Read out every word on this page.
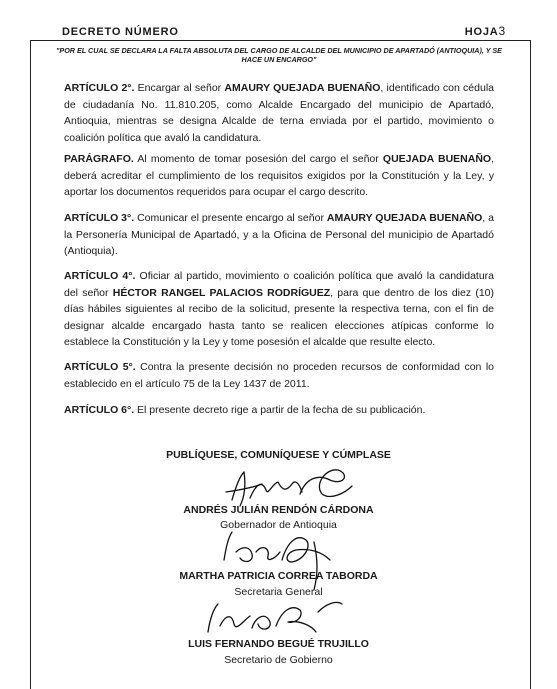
DECRETO NÚMERO	HOJA3
"POR EL CUAL SE DECLARA LA FALTA ABSOLUTA DEL CARGO DE ALCALDE DEL MUNICIPIO DE APARTADÓ (ANTIOQUIA), Y SE HACE UN ENCARGO"
ARTÍCULO 2°. Encargar al señor AMAURY QUEJADA BUENAÑO, identificado con cédula de ciudadanía No. 11.810.205, como Alcalde Encargado del municipio de Apartadó, Antioquia, mientras se designa Alcalde de terna enviada por el partido, movimiento o coalición política que avaló la candidatura.
PARÁGRAFO. Al momento de tomar posesión del cargo el señor QUEJADA BUENAÑO, deberá acreditar el cumplimiento de los requisitos exigidos por la Constitución y la Ley, y aportar los documentos requeridos para ocupar el cargo descrito.
ARTÍCULO 3°. Comunicar el presente encargo al señor AMAURY QUEJADA BUENAÑO, a la Personería Municipal de Apartadó, y a la Oficina de Personal del municipio de Apartadó (Antioquia).
ARTÍCULO 4°. Oficiar al partido, movimiento o coalición política que avaló la candidatura del señor HÉCTOR RANGEL PALACIOS RODRÍGUEZ, para que dentro de los diez (10) días hábiles siguientes al recibo de la solicitud, presente la respectiva terna, con el fin de designar alcalde encargado hasta tanto se realicen elecciones atípicas conforme lo establece la Constitución y la Ley y tome posesión el alcalde que resulte electo.
ARTÍCULO 5°. Contra la presente decisión no proceden recursos de conformidad con lo establecido en el artículo 75 de la Ley 1437 de 2011.
ARTÍCULO 6°. El presente decreto rige a partir de la fecha de su publicación.
PUBLÍQUESE, COMUNÍQUESE Y CÚMPLASE
ANDRÉS JULIÁN RENDÓN CÁRDONA
Gobernador de Antioquia
MARTHA PATRICIA CORREA TABORDA
Secretaria General
LUIS FERNANDO BEGUÉ TRUJILLO
Secretario de Gobierno
